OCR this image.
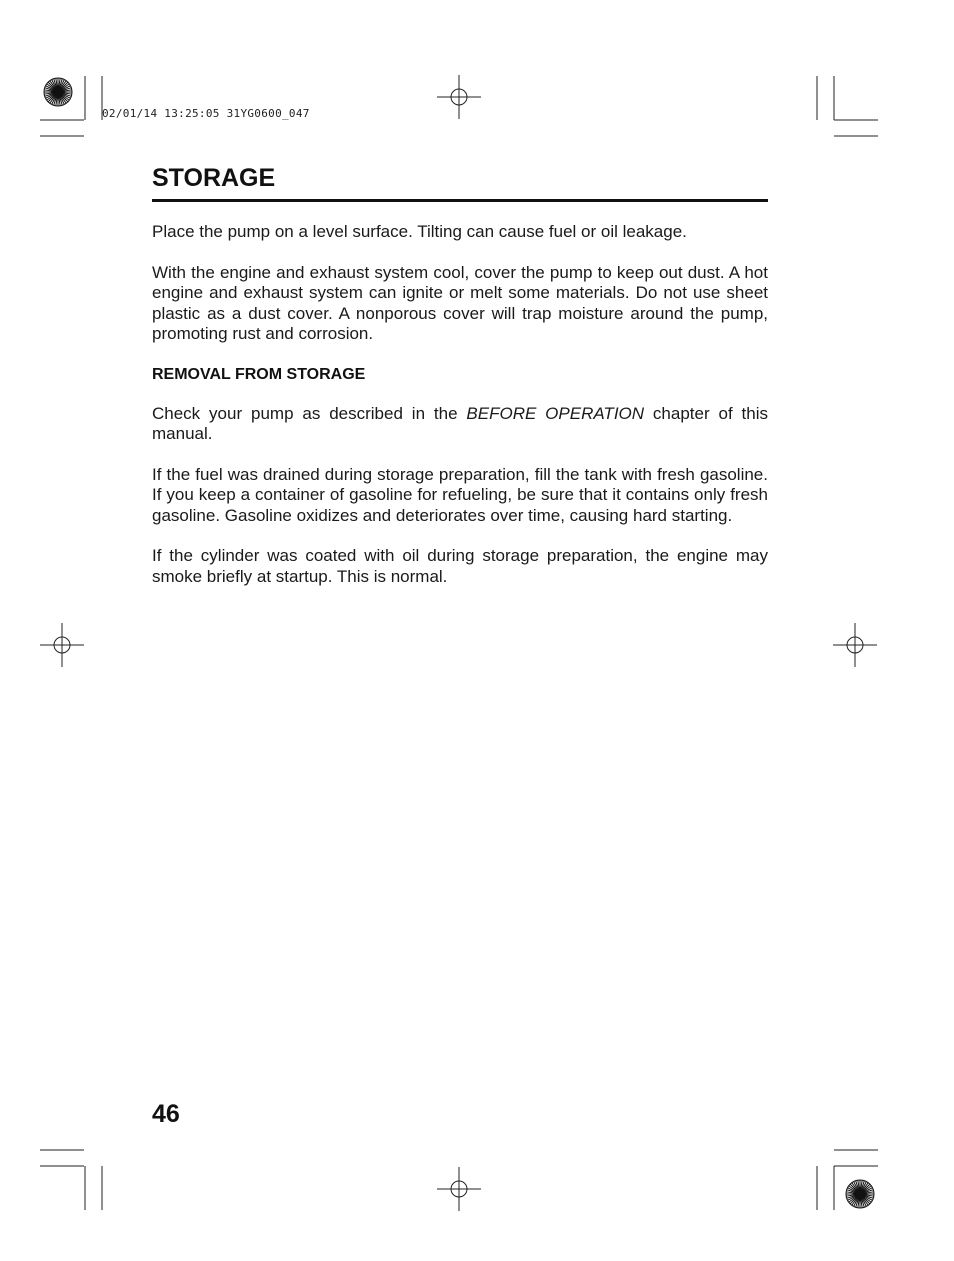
02/01/14 13:25:05 31YG0600_047
STORAGE

Place the pump on a level surface. Tilting can cause fuel or oil leakage.

With the engine and exhaust system cool, cover the pump to keep out dust. A hot engine and exhaust system can ignite or melt some materials. Do not use sheet plastic as a dust cover. A nonporous cover will trap moisture around the pump, promoting rust and corrosion.

REMOVAL FROM STORAGE

Check your pump as described in the BEFORE OPERATION chapter of this manual.

If the fuel was drained during storage preparation, fill the tank with fresh gasoline. If you keep a container of gasoline for refueling, be sure that it contains only fresh gasoline. Gasoline oxidizes and deteriorates over time, causing hard starting.

If the cylinder was coated with oil during storage preparation, the engine may smoke briefly at startup. This is normal.

46
